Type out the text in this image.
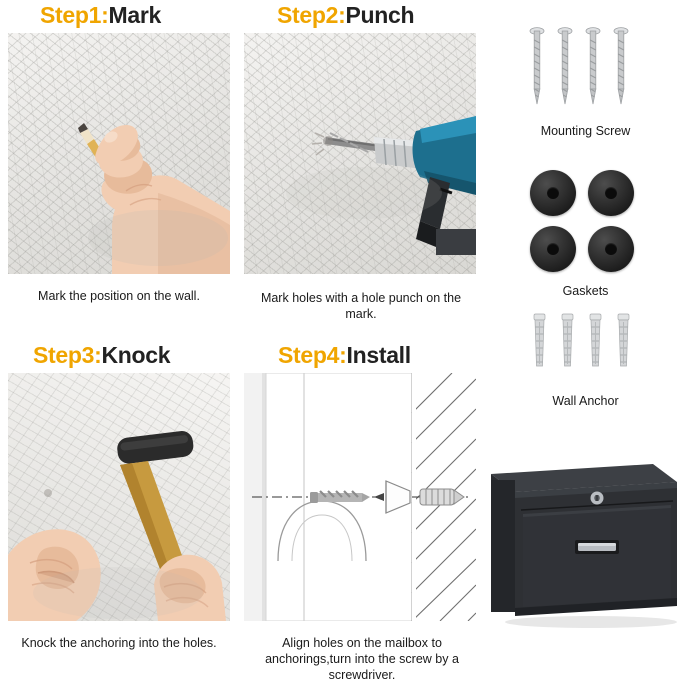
Step1:Mark
Mark the position on the wall.
Step2:Punch
Mark holes with a hole punch on the mark.
Step3:Knock
Knock the anchoring into the holes.
Step4:Install
Align holes on the mailbox to anchorings,turn into the screw by a screwdriver.
Mounting Screw
Gaskets
Wall Anchor
